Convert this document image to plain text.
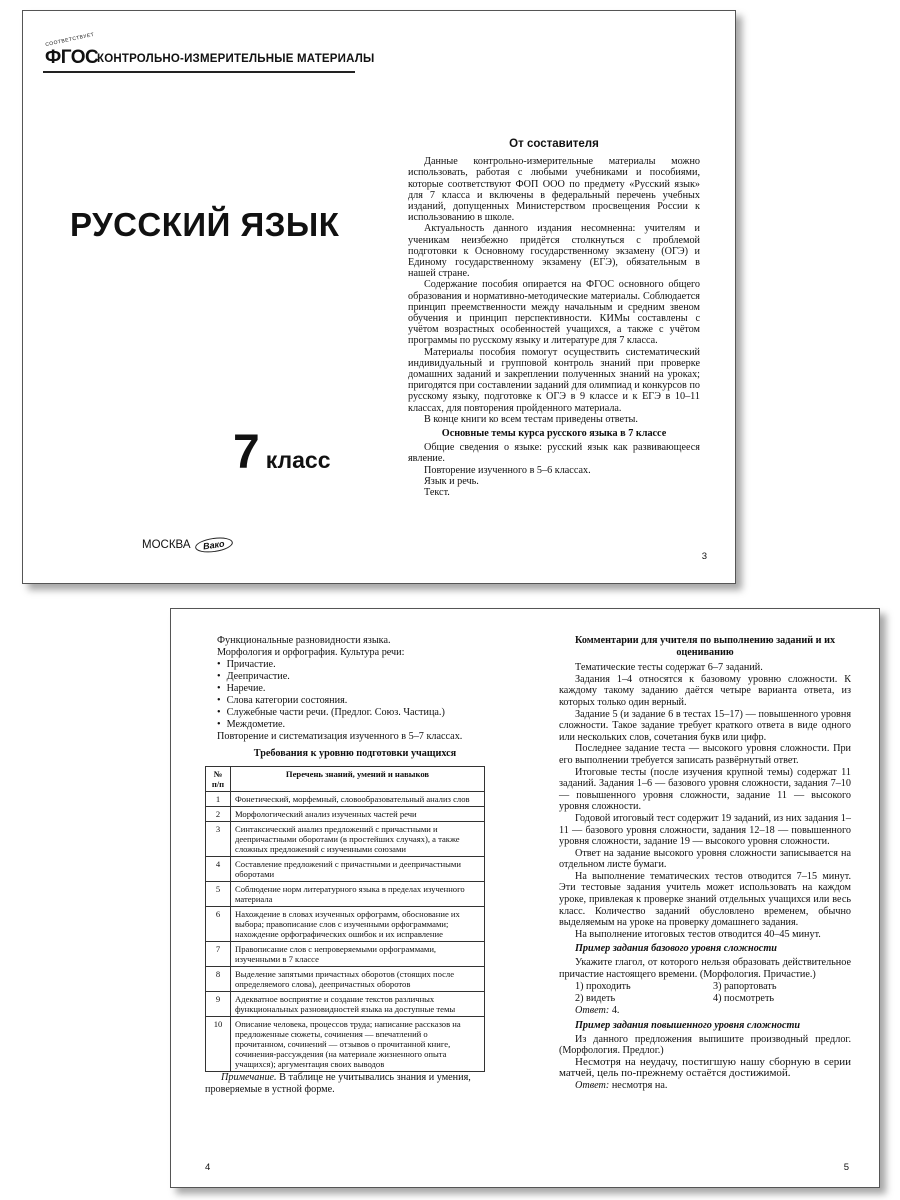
СООТВЕТСТВУЕТ
ФГОС
КОНТРОЛЬНО-ИЗМЕРИТЕЛЬНЫЕ МАТЕРИАЛЫ
РУССКИЙ ЯЗЫК
7 класс
МОСКВА	Вако
От составителя

Данные контрольно-измерительные материалы можно использовать, работая с любыми учебниками и пособиями, которые соответствуют ФОП ООО по предмету «Русский язык» для 7 класса и включены в федеральный перечень учебных изданий, допущенных Министерством просвещения России к использованию в школе.

Актуальность данного издания несомненна: учителям и ученикам неизбежно придётся столкнуться с проблемой подготовки к Основному государственному экзамену (ОГЭ) и Единому государственному экзамену (ЕГЭ), обязательным в нашей стране.

Содержание пособия опирается на ФГОС основного общего образования и нормативно-методические материалы. Соблюдается принцип преемственности между начальным и средним звеном обучения и принцип перспективности. КИМы составлены с учётом возрастных особенностей учащихся, а также с учётом программы по русскому языку и литературе для 7 класса.

Материалы пособия помогут осуществить систематический индивидуальный и групповой контроль знаний при проверке домашних заданий и закреплении полученных знаний на уроках; пригодятся при составлении заданий для олимпиад и конкурсов по русскому языку, подготовке к ОГЭ в 9 классе и к ЕГЭ в 10–11 классах, для повторения пройденного материала.

В конце книги ко всем тестам приведены ответы.

Основные темы курса русского языка в 7 классе

Общие сведения о языке: русский язык как развивающееся явление.

Повторение изученного в 5–6 классах.

Язык и речь.

Текст.

3

Функциональные разновидности языка.

Морфология и орфография. Культура речи:

• Причастие.
• Деепричастие.
• Наречие.
• Слова категории состояния.
• Служебные части речи. (Предлог. Союз. Частица.)
• Междометие.

Повторение и систематизация изученного в 5–7 классах.

Требования к уровню подготовки учащихся
№ п/п	Перечень знаний, умений и навыков
1	Фонетический, морфемный, словообразовательный анализ слов
2	Морфологический анализ изученных частей речи
3	Синтаксический анализ предложений с причастными и деепричастными оборотами (в простейших случаях), а также сложных предложений с изученными союзами
4	Составление предложений с причастными и деепричастными оборотами
5	Соблюдение норм литературного языка в пределах изученного материала
6	Нахождение в словах изученных орфограмм, обоснование их выбора; правописание слов с изученными орфограммами; нахождение орфографических ошибок и их исправление
7	Правописание слов с непроверяемыми орфограммами, изученными в 7 классе
8	Выделение запятыми причастных оборотов (стоящих после определяемого слова), деепричастных оборотов
9	Адекватное восприятие и создание текстов различных функциональных разновидностей языка на доступные темы
10	Описание человека, процессов труда; написание рассказов на предложенные сюжеты, сочинения — впечатлений о прочитанном, сочинений — отзывов о прочитанной книге, сочинения-рассуждения (на материале жизненного опыта учащихся); аргументация своих выводов

Примечание. В таблице не учитывались знания и умения, проверяемые в устной форме.

4
Комментарии для учителя по выполнению заданий и их оцениванию

Тематические тесты содержат 6–7 заданий.

Задания 1–4 относятся к базовому уровню сложности. К каждому такому заданию даётся четыре варианта ответа, из которых только один верный.

Задание 5 (и задание 6 в тестах 15–17) — повышенного уровня сложности. Такое задание требует краткого ответа в виде одного или нескольких слов, сочетания букв или цифр.

Последнее задание теста — высокого уровня сложности. При его выполнении требуется записать развёрнутый ответ.

Итоговые тесты (после изучения крупной темы) содержат 11 заданий. Задания 1–6 — базового уровня сложности, задания 7–10 — повышенного уровня сложности, задание 11 — высокого уровня сложности.

Годовой итоговый тест содержит 19 заданий, из них задания 1–11 — базового уровня сложности, задания 12–18 — повышенного уровня сложности, задание 19 — высокого уровня сложности.

Ответ на задание высокого уровня сложности записывается на отдельном листе бумаги.

На выполнение тематических тестов отводится 7–15 минут. Эти тестовые задания учитель может использовать на каждом уроке, привлекая к проверке знаний отдельных учащихся или весь класс. Количество заданий обусловлено временем, обычно выделяемым на уроке на проверку домашнего задания.

На выполнение итоговых тестов отводится 40–45 минут.

Пример задания базового уровня сложности

Укажите глагол, от которого нельзя образовать действительное причастие настоящего времени. (Морфология. Причастие.)

1) проходить	3) рапортовать
2) видеть	4) посмотреть
Ответ: 4.

Пример задания повышенного уровня сложности

Из данного предложения выпишите производный предлог. (Морфология. Предлог.)

Несмотря на неудачу, постигшую нашу сборную в серии матчей, цель по-прежнему остаётся достижимой.

Ответ: несмотря на.
5
